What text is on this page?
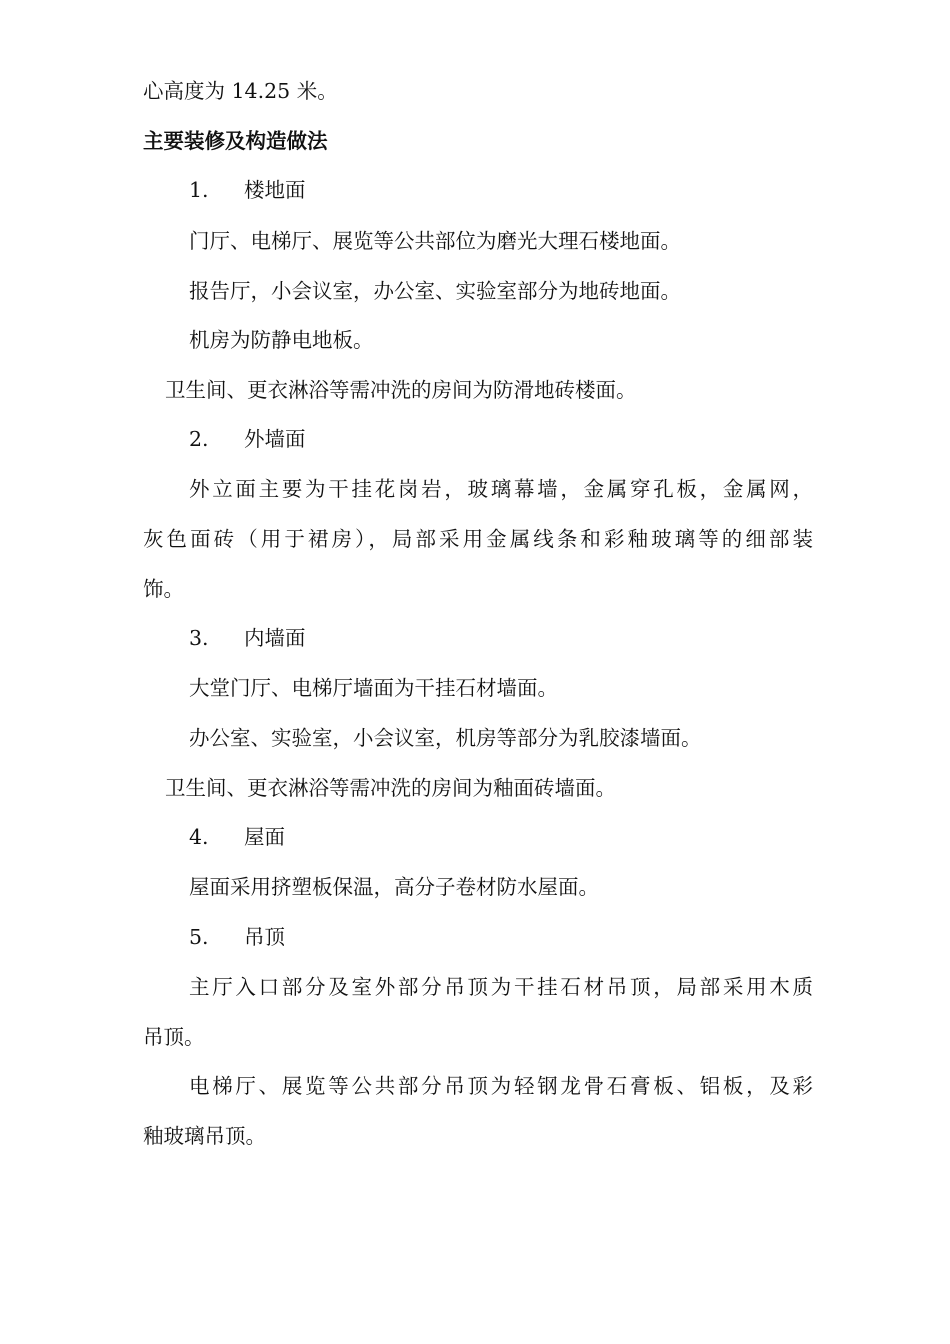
心高度为 14.25 米。
主要装修及构造做法
1. 楼地面
门厅、电梯厅、展览等公共部位为磨光大理石楼地面。
报告厅，小会议室，办公室、实验室部分为地砖地面。
机房为防静电地板。
卫生间、更衣淋浴等需冲洗的房间为防滑地砖楼面。
2. 外墙面
外立面主要为干挂花岗岩，玻璃幕墙，金属穿孔板，金属网，
灰色面砖（用于裙房），局部采用金属线条和彩釉玻璃等的细部装
饰。
3. 内墙面
大堂门厅、电梯厅墙面为干挂石材墙面。
办公室、实验室，小会议室，机房等部分为乳胶漆墙面。
卫生间、更衣淋浴等需冲洗的房间为釉面砖墙面。
4. 屋面
屋面采用挤塑板保温，高分子卷材防水屋面。
5. 吊顶
主厅入口部分及室外部分吊顶为干挂石材吊顶，局部采用木质
吊顶。
电梯厅、展览等公共部分吊顶为轻钢龙骨石膏板、铝板，及彩
釉玻璃吊顶。
